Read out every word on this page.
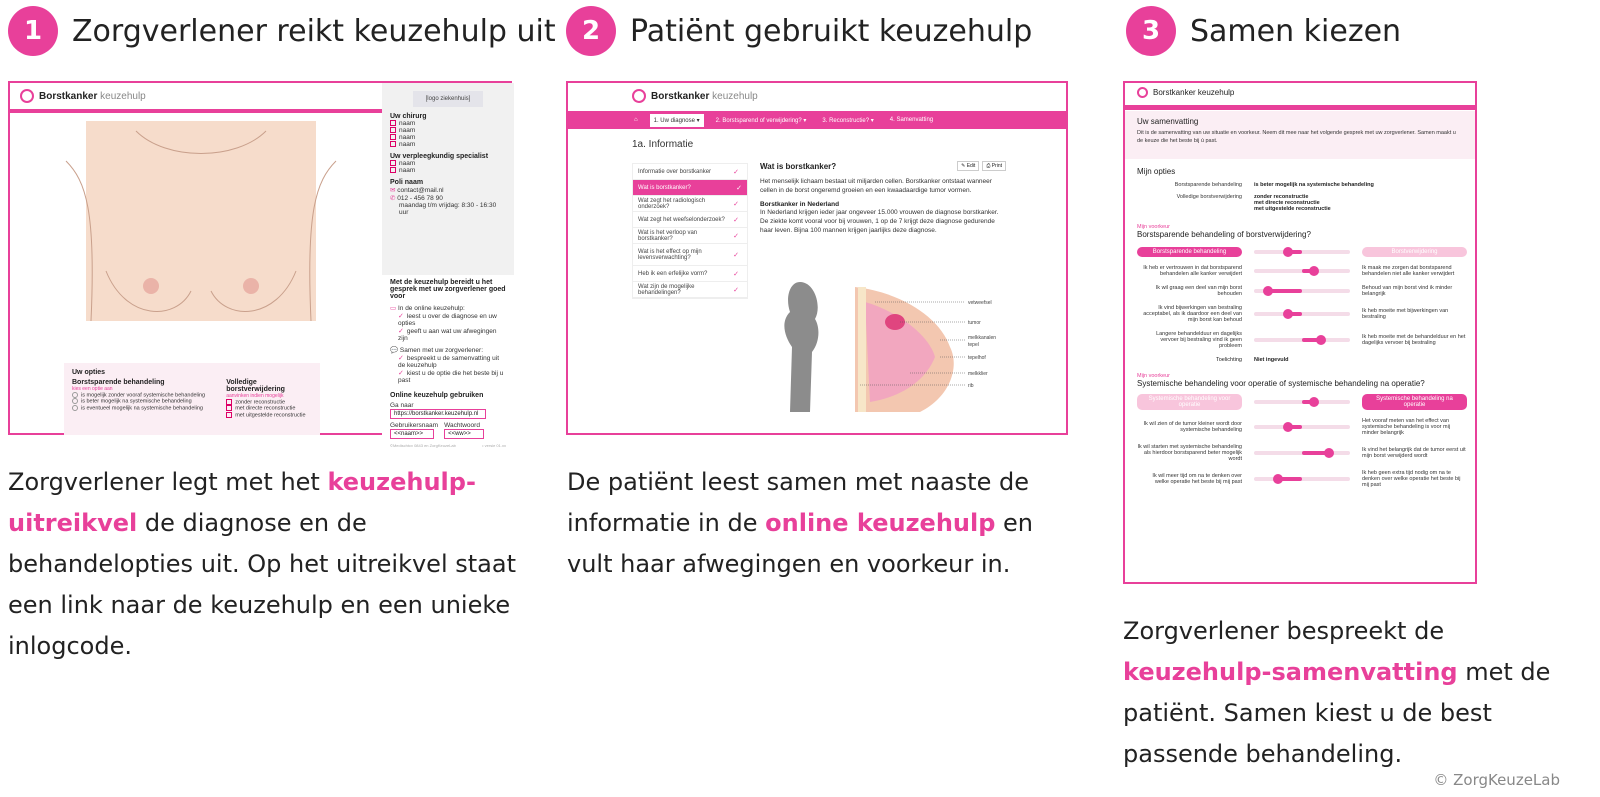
1 Zorgverlener reikt keuzehulp uit	2 Patiënt gebruikt keuzehulp	3 Samen kiezen
Borstkanker keuzehulp	[logo ziekenhuis]
Uw chirurg
naam
naam
naam
naam
Uw verpleegkundig specialist
naam
naam
Poli naam
✉ contact@mail.nl
✆ 012 - 456 78 90
maandag t/m vrijdag: 8:30 - 16:30 uur
Met de keuzehulp bereidt u het gesprek met uw zorgverlener goed voor
▭ In de online keuzehulp:
✓ leest u over de diagnose en uw opties
✓ geeft u aan wat uw afwegingen zijn
💬 Samen met uw zorgverlener:
✓ bespreekt u de samenvatting uit de keuzehulp
✓ kiest u de optie die het beste bij u past
Online keuzehulp gebruiken
Ga naar
https://borstkanker.keuzehulp.nl
Gebruikersnaam
<<naam>>
Wachtwoord
<<ww>>
©Medischtcv 0843 en ZorgKeuzeLab	• versie 01.xx
Uw opties
Borstsparende behandeling
kies een optie aan
is mogelijk zonder vooraf systemische behandeling
is beter mogelijk na systemische behandeling
is eventueel mogelijk na systemische behandeling
Volledige borstverwijdering
aanvinken indien mogelijk
zonder reconstructie
met directe reconstructie
met uitgestelde reconstructie
Borstkanker keuzehulp
⌂	1. Uw diagnose ▾	2. Borstsparend of verwijdering? ▾	3. Reconstructie? ▾	4. Samenvatting
1a. Informatie
Informatie over borstkanker	✓
Wat is borstkanker?	✓
Wat zegt het radiologisch onderzoek?	✓
Wat zegt het weefselonderzoek? ✓
Wat is het verloop van borstkanker?	✓
Wat is het effect op mijn levensverwachting?	✓
Heb ik een erfelijke vorm?	✓
Wat zijn de mogelijke behandelingen?	✓
Wat is borstkanker?	✎ Edit	⎙ Print
Het menselijk lichaam bestaat uit miljarden cellen. Borstkanker ontstaat wanneer cellen in de borst ongeremd groeien en een kwaadaardige tumor vormen.
Borstkanker in Nederland
In Nederland krijgen ieder jaar ongeveer 15.000 vrouwen de diagnose borstkanker. De ziekte komt vooral voor bij vrouwen, 1 op de 7 krijgt deze diagnose gedurende haar leven. Bijna 100 mannen krijgen jaarlijks deze diagnose.
vetweefsel
tumor
melkkanalen
tepel
tepelhof
melkklier
rib
Borstkanker keuzehulp
Uw samenvatting
Dit is de samenvatting van uw situatie en voorkeur. Neem dit mee naar het volgende gesprek met uw zorgverlener. Samen maakt u de keuze die het beste bij ú past.
Mijn opties
Borstsparende behandeling	is beter mogelijk na systemische behandeling
Volledige borstverwijdering	zonder reconstructie
met directe reconstructie
met uitgestelde reconstructie
Mijn voorkeur
Borstsparende behandeling of borstverwijdering?
Borstsparende behandeling	Borstverwijdering
Ik heb er vertrouwen in dat borstsparend behandelen alle kanker verwijdert
Ik maak me zorgen dat borstsparend behandelen niet alle kanker verwijdert
Ik wil graag een deel van mijn borst behouden
Behoud van mijn borst vind ik minder belangrijk
Ik vind bijwerkingen van bestraling acceptabel, als ik daardoor een deel van mijn borst kan behoud
Ik heb moeite met bijwerkingen van bestraling
Langere behandelduur en dagelijks vervoer bij bestraling vind ik geen probleem
Ik heb moeite met de behandelduur en het dagelijks vervoer bij bestraling
Toelichting	Niet ingevuld
Mijn voorkeur
Systemische behandeling voor operatie of systemische behandeling na operatie?
Systemische behandeling voor operatie
Systemische behandeling na operatie
Ik wil zien of de tumor kleiner wordt door systemische behandeling
Het vooraf meten van het effect van systemische behandeling is voor mij minder belangrijk
Ik wil starten met systemische behandeling als hierdoor borstsparend beter mogelijk wordt
Ik vind het belangrijk dat de tumor eerst uit mijn borst verwijderd wordt
Ik wil meer tijd om na te denken over welke operatie het beste bij mij past
Ik heb geen extra tijd nodig om na te denken over welke operatie het beste bij mij past
Zorgverlener legt met het keuzehulp-uitreikvel de diagnose en de behandelopties uit. Op het uitreikvel staat een link naar de keuzehulp en een unieke inlogcode.
De patiënt leest samen met naaste de informatie in de online keuzehulp en vult haar afwegingen en voorkeur in.
Zorgverlener bespreekt de keuzehulp-samenvatting met de patiënt. Samen kiest u de best passende behandeling.
© ZorgKeuzeLab
